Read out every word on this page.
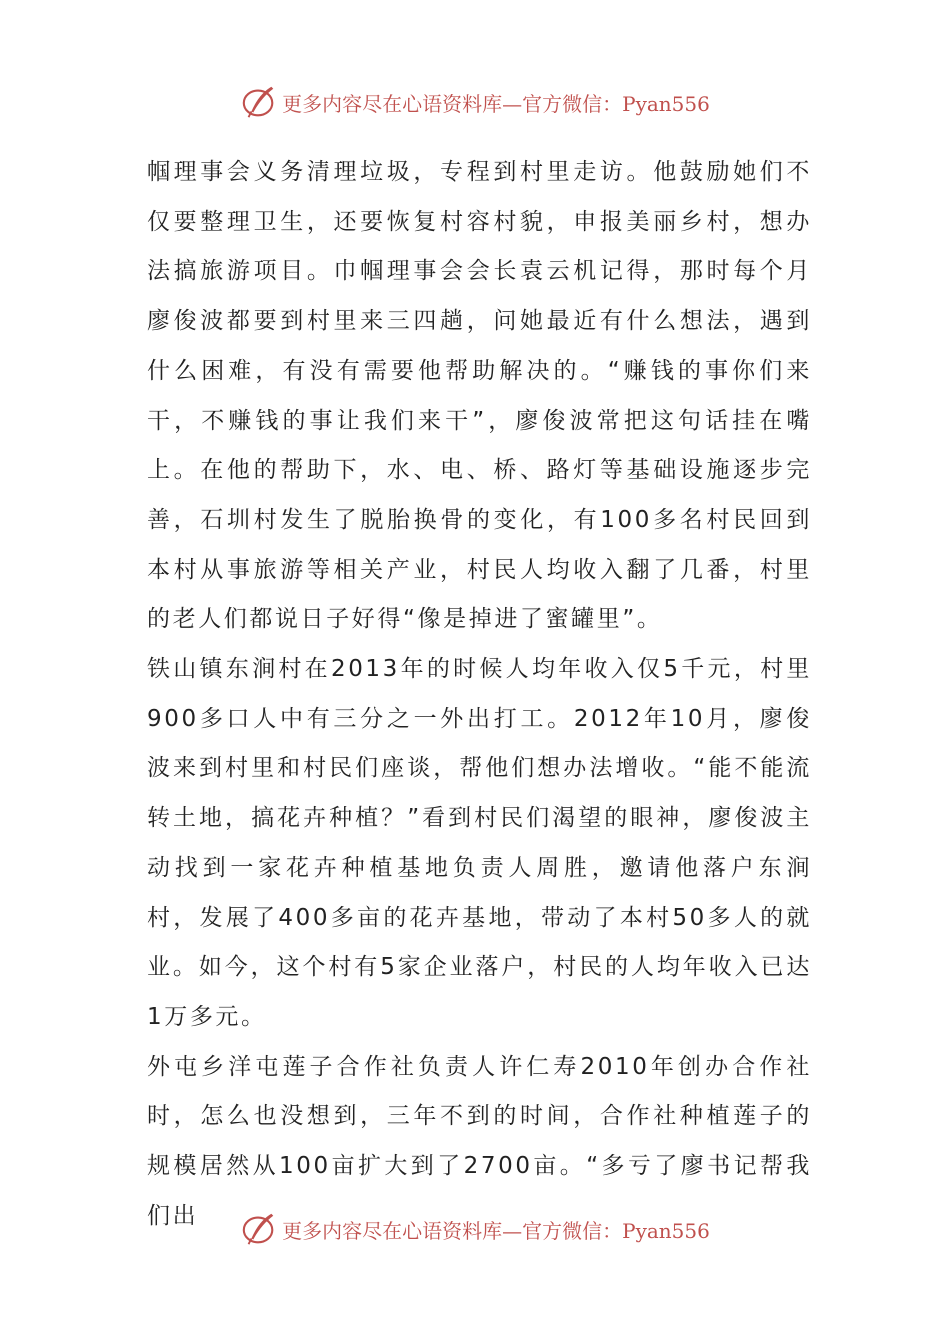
更多内容尽在心语资料库—官方微信：Pyan556

帼理事会义务清理垃圾，专程到村里走访。他鼓励她们不仅要整理卫生，还要恢复村容村貌，申报美丽乡村，想办法搞旅游项目。巾帼理事会会长袁云机记得，那时每个月廖俊波都要到村里来三四趟，问她最近有什么想法，遇到什么困难，有没有需要他帮助解决的。“赚钱的事你们来干，不赚钱的事让我们来干”，廖俊波常把这句话挂在嘴上。在他的帮助下，水、电、桥、路灯等基础设施逐步完善，石圳村发生了脱胎换骨的变化，有100多名村民回到本村从事旅游等相关产业，村民人均收入翻了几番，村里的老人们都说日子好得“像是掉进了蜜罐里”。

铁山镇东涧村在2013年的时候人均年收入仅5千元，村里900多口人中有三分之一外出打工。2012年10月，廖俊波来到村里和村民们座谈，帮他们想办法增收。“能不能流转土地，搞花卉种植？”看到村民们渴望的眼神，廖俊波主动找到一家花卉种植基地负责人周胜，邀请他落户东涧村，发展了400多亩的花卉基地，带动了本村50多人的就业。如今，这个村有5家企业落户，村民的人均年收入已达1万多元。

外屯乡洋屯莲子合作社负责人许仁寿2010年创办合作社时，怎么也没想到，三年不到的时间，合作社种植莲子的规模居然从100亩扩大到了2700亩。“多亏了廖书记帮我们出

更多内容尽在心语资料库—官方微信：Pyan556
